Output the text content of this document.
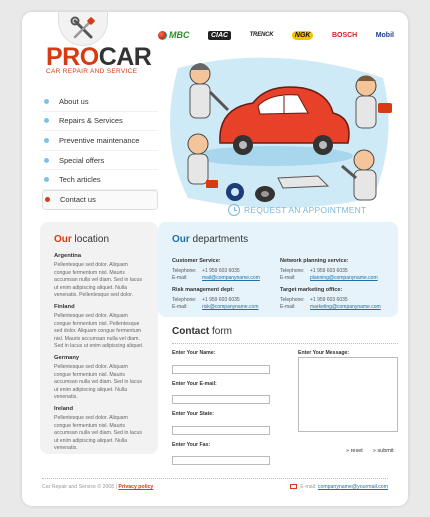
PROCAR
CAR REPAIR AND SERVICE
MBC	CIAC	TRENCK	NGK	BOSCH	Mobil
About us
Repairs & Services
Preventive maintenance
Special offers
Tech articles
Contact us
REQUEST AN APPOINTMENT
Our location
Argentina
Pellentesque sed dolor. Aliquam congue fermentum nisl. Mauris accumsan nulla vel diam. Sed in lacus ut enim adipiscing aliquet. Nulla venenatis. Pellentesque sed dolor.
Finland
Pellentesque sed dolor. Aliquam congue fermentum nisl. Pellentesque sed dolor. Aliquam congue fermentum nisl. Mauris accumsan nulla vel diam. Sed in lacus ut enim adipiscing aliquet.
Germany
Pellentesque sed dolor. Aliquam congue fermentum nisl. Mauris accumsan nulla vel diam. Sed in lacus ut enim adipiscing aliquet. Nulla venenatis.
Ireland
Pellentesque sed dolor. Aliquam congue fermentum nisl. Mauris accumsan nulla vel diam. Sed in lacus ut enim adipiscing aliquet. Nulla venenatis.
Our departments
Customer Service:
Telephone:	+1 959 603 6035
E-mail:	mail@companyname.com
Risk management dept:
Telephone:	+1 959 603 6035
E-mail:	risk@companyname.com
Network planning service:
Telephone:	+1 959 603 6035
E-mail:	planning@companyname.com
Target marketing office:
Telephone:	+1 959 603 6035
E-mail:	marketing@companyname.com
Contact form
Enter Your Name:
Enter Your E-mail:
Enter Your State:
Enter Your Fax:
Enter Your Message:
» reset » submit
Car Repair and Service © 2008 | Privacy policy	E-mail: companyname@yourmail.com
